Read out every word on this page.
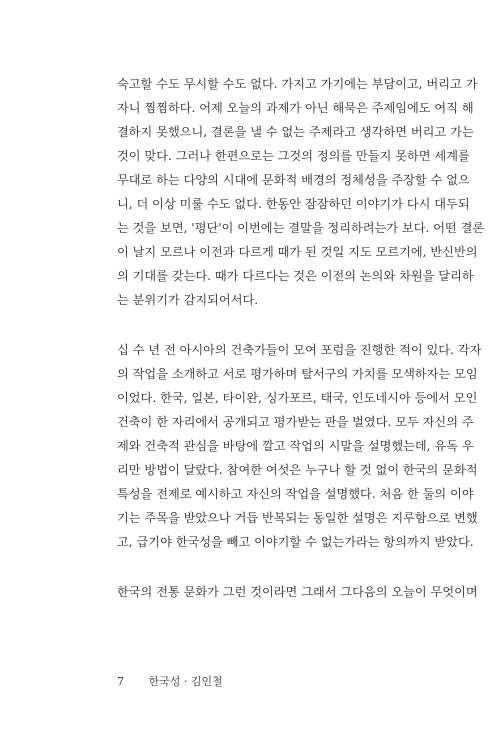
숙고할 수도 무시할 수도 없다. 가지고 가기에는 부담이고, 버리고 가
자니 찜찜하다. 어제 오늘의 과제가 아닌 해묵은 주제임에도 여직 해
결하지 못했으니, 결론을 낼 수 없는 주제라고 생각하면 버리고 가는
것이 맞다. 그러나 한편으로는 그것의 정의를 만들지 못하면 세계를
무대로 하는 다양의 시대에 문화적 배경의 정체성을 주장할 수 없으
니, 더 이상 미룰 수도 없다. 한동안 잠잠하던 이야기가 다시 대두되
는 것을 보면, '평단'이 이번에는 결말을 정리하려는가 보다. 어떤 결론
이 날지 모르나 이전과 다르게 때가 된 것일 지도 모르기에, 반신반의
의 기대를 갖는다. 때가 다르다는 것은 이전의 논의와 차원을 달리하
는 분위기가 감지되어서다.
십 수 년 전 아시아의 건축가들이 모여 포럼을 진행한 적이 있다. 각자
의 작업을 소개하고 서로 평가하며 탈서구의 가치를 모색하자는 모임
이었다. 한국, 일본, 타이완, 싱가포르, 태국, 인도네시아 등에서 모인
건축이 한 자리에서 공개되고 평가받는 판을 벌였다. 모두 자신의 주
제와 건축적 관심을 바탕에 깔고 작업의 시말을 설명했는데, 유독 우
리만 방법이 달랐다. 참여한 여섯은 누구나 할 것 없이 한국의 문화적
특성을 전제로 예시하고 자신의 작업을 설명했다. 처음 한 둘의 이야
기는 주목을 받았으나 거듭 반복되는 동일한 설명은 지루함으로 변했
고, 급기야 한국성을 빼고 이야기할 수 없는가라는 항의까지 받았다.
한국의 전통 문화가 그런 것이라면 그래서 그다음의 오늘이 무엇이며
7 한국성 · 김인철
